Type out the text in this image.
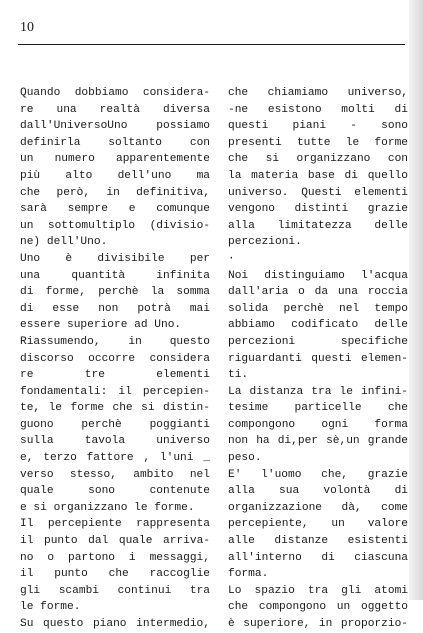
10
Quando dobbiamo considera-
re una realtà diversa
dall'UniversoUno possiamo
definirla soltanto con
un numero apparentemente
più alto dell'uno ma
che però, in definitiva,
sarà sempre e comunque
un sottomultiplo (divisio-
ne) dell'Uno.
Uno è divisibile per
una quantità infinita
di forme, perchè la somma
di esse non potrà mai
essere superiore ad Uno.
Riassumendo, in questo
discorso occorre considera
re tre elementi
fondamentali: il percepien-
te, le forme che si distin-
guono perchè poggianti
sulla tavola universo
e, terzo fattore , l'uni _
verso stesso, ambito nel
quale sono contenute
e si organizzano le forme.
Il percepiente rappresenta
il punto dal quale arriva-
no o partono i messaggi,
il punto che raccoglie
gli scambi continui tra
le forme.
Su questo piano intermedio,
che chiamiamo universo,
-ne esistono molti di
questi piani - sono
presenti tutte le forme
che si organizzano con
la materia base di quello
universo. Questi elementi
vengono distinti grazie
alla limitatezza delle
percezioni.
·
Noi distinguiamo l'acqua
dall'aria o da una roccia
solida perchè nel tempo
abbiamo codificato delle
percezioni specifiche
riguardanti questi elemen-
ti.
La distanza tra le infini-
tesime particelle che
compongono ogni forma
non ha di,per sè,un grande
peso.
E' l'uomo che, grazie
alla sua volontà di
organizzazione dà, come
percepiente, un valore
alle distanze esistenti
all'interno di ciascuna
forma.
Lo spazio tra gli atomi
che compongono un oggetto
è superiore, in proporzio-
